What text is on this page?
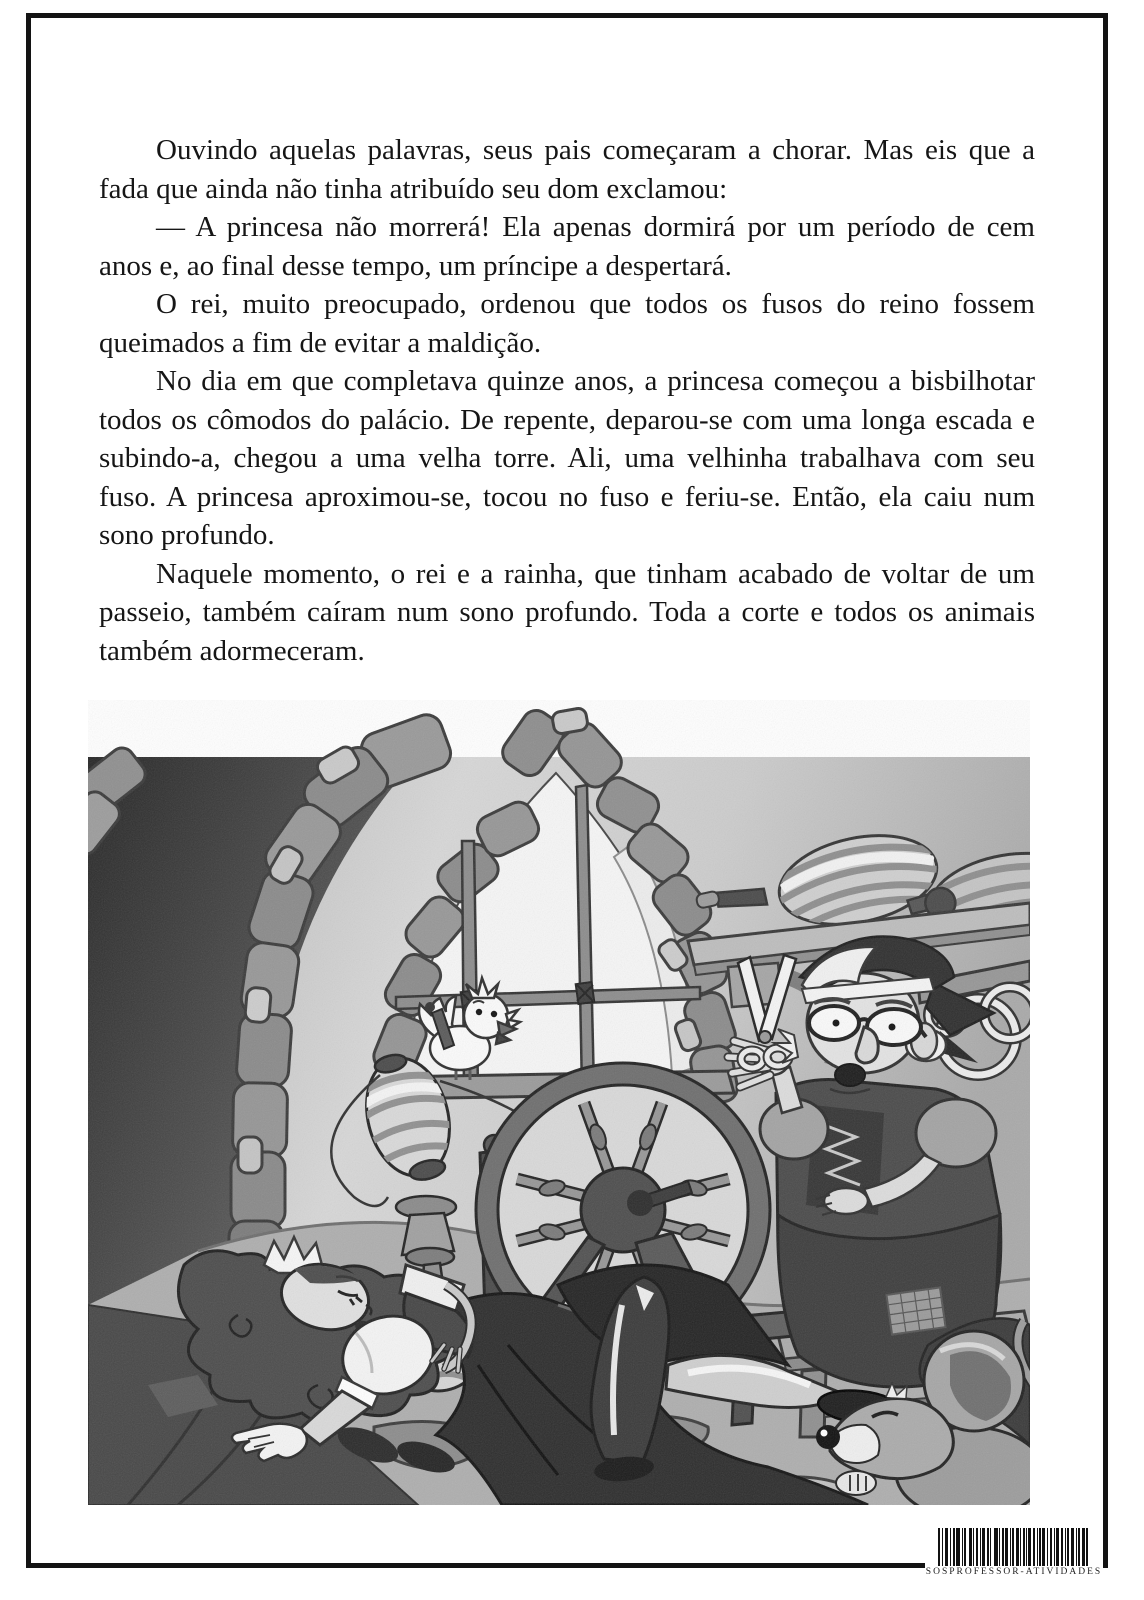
Ouvindo aquelas palavras, seus pais começaram a chorar. Mas eis que a fada que ainda não tinha atribuído seu dom exclamou:

— A princesa não morrerá! Ela apenas dormirá por um período de cem anos e, ao final desse tempo, um príncipe a despertará.

O rei, muito preocupado, ordenou que todos os fusos do reino fossem queimados a fim de evitar a maldição.

No dia em que completava quinze anos, a princesa começou a bisbilhotar todos os cômodos do palácio. De repente, deparou-se com uma longa escada e subindo-a, chegou a uma velha torre. Ali, uma velhinha trabalhava com seu fuso. A princesa aproximou-se, tocou no fuso e feriu-se. Então, ela caiu num sono profundo.

Naquele momento, o rei e a rainha, que tinham acabado de voltar de um passeio, também caíram num sono profundo. Toda a corte e todos os animais também adormeceram.

SOSPROFESSOR-ATIVIDADES
